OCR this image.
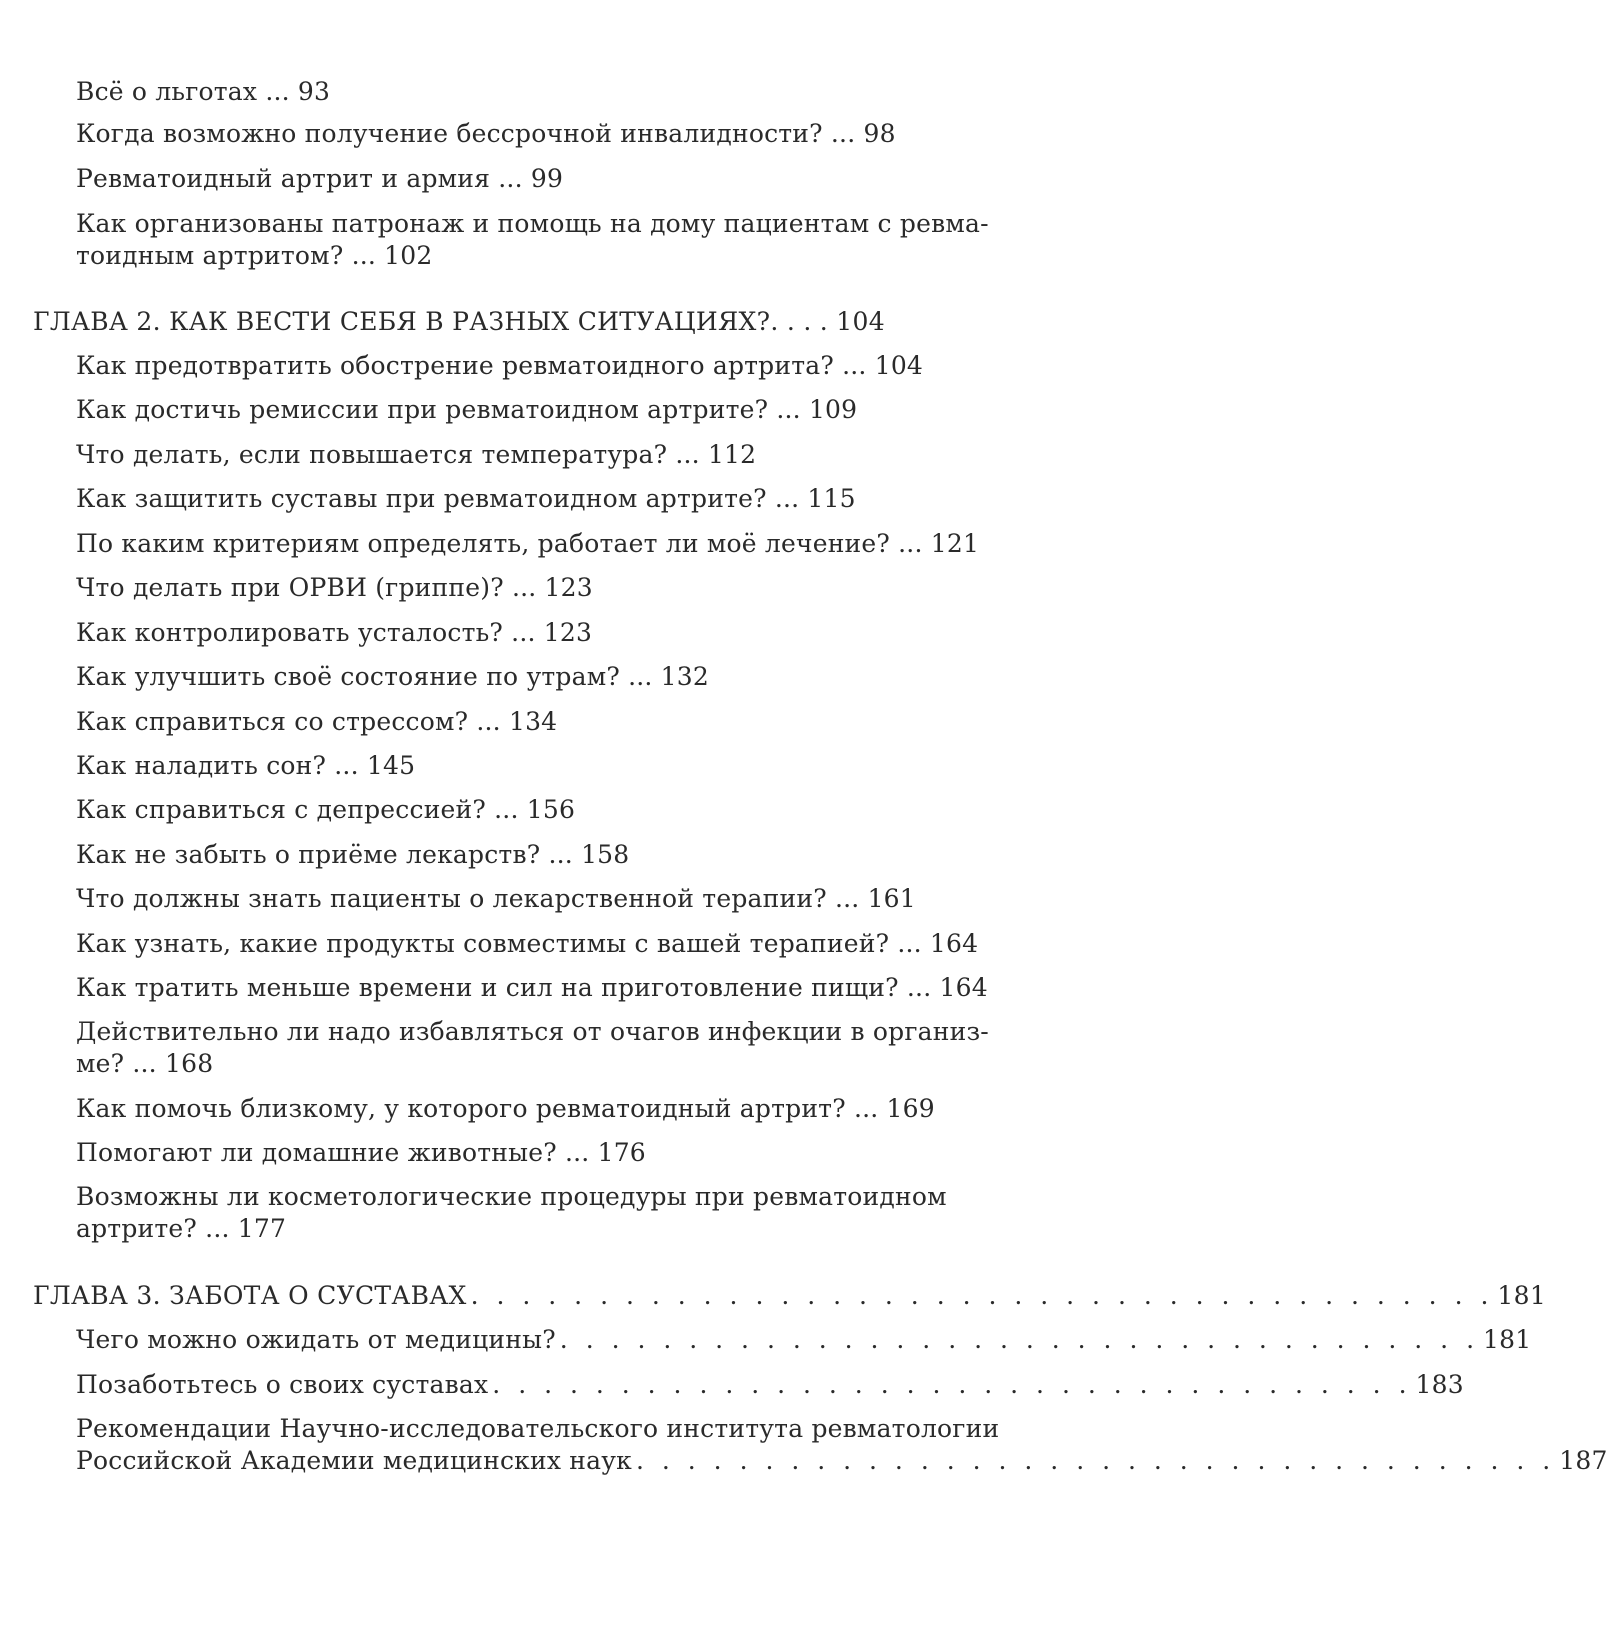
Всё о льготах ... 93
Когда возможно получение бессрочной инвалидности? ... 98
Ревматоидный артрит и армия ... 99
Как организованы патронаж и помощь на дому пациентам с ревма-
тоидным артритом? ... 102
ГЛАВА 2. КАК ВЕСТИ СЕБЯ В РАЗНЫХ СИТУАЦИЯХ?. . . . 104
Как предотвратить обострение ревматоидного артрита? ... 104
Как достичь ремиссии при ревматоидном артрите? ... 109
Что делать, если повышается температура? ... 112
Как защитить суставы при ревматоидном артрите? ... 115
По каким критериям определять, работает ли моё лечение? ... 121
Что делать при ОРВИ (гриппе)? ... 123
Как контролировать усталость? ... 123
Как улучшить своё состояние по утрам? ... 132
Как справиться со стрессом? ... 134
Как наладить сон? ... 145
Как справиться с депрессией? ... 156
Как не забыть о приёме лекарств? ... 158
Что должны знать пациенты о лекарственной терапии? ... 161
Как узнать, какие продукты совместимы с вашей терапией? ... 164
Как тратить меньше времени и сил на приготовление пищи? ... 164
Действительно ли надо избавляться от очагов инфекции в организ-
ме? ... 168
Как помочь близкому, у которого ревматоидный артрит? ... 169
Помогают ли домашние животные? ... 176
Возможны ли косметологические процедуры при ревматоидном
артрите? ... 177
ГЛАВА 3. ЗАБОТА О СУСТАВАХ . . . . . . . . . . . . . . . . . . . . . . . . . . . . . . . . . . . . . . . . 181
Чего можно ожидать от медицины? . . . . . . . . . . . . . . . . . . . . . . . . . . . . . . . . . . . . 181
Позаботьтесь о своих суставах . . . . . . . . . . . . . . . . . . . . . . . . . . . . . . . . . . . . 183
Рекомендации Научно-исследовательского института ревматологии
Российской Академии медицинских наук . . . . . . . . . . . . . . . . . . . . . . . . . . . . . . . . . . . . 187
